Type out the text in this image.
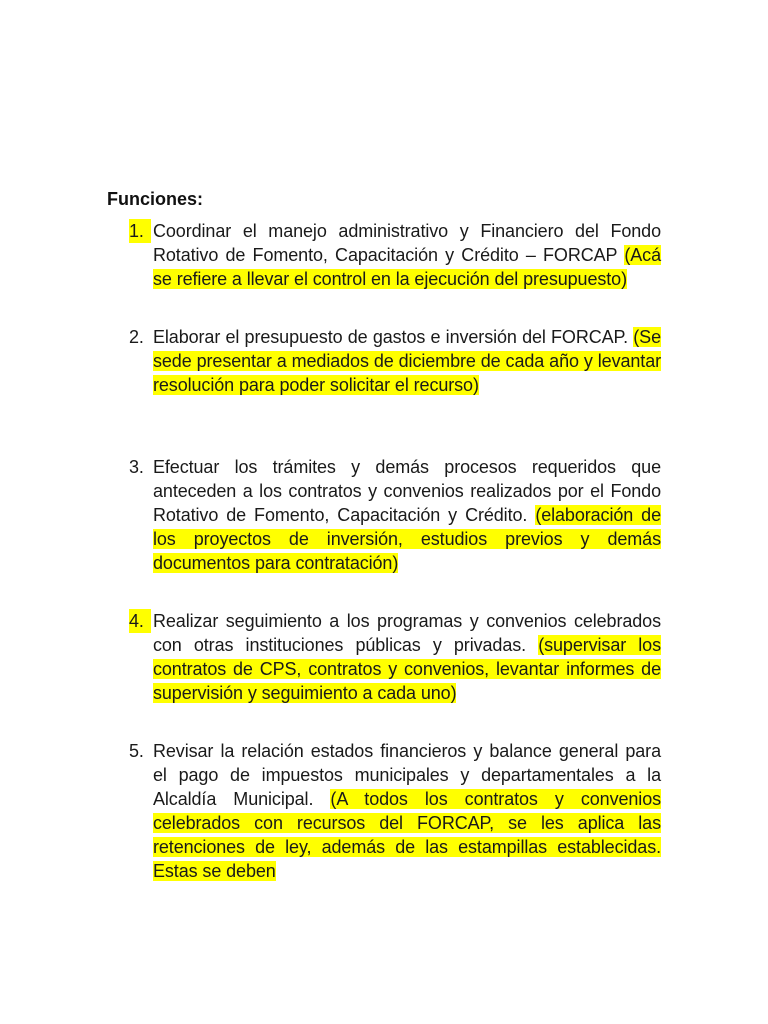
Funciones:
1. Coordinar el manejo administrativo y Financiero del Fondo Rotativo de Fomento, Capacitación y Crédito – FORCAP (Acá se refiere a llevar el control en la ejecución del presupuesto)
2. Elaborar el presupuesto de gastos e inversión del FORCAP. (Se sede presentar a mediados de diciembre de cada año y levantar resolución para poder solicitar el recurso)
3. Efectuar los trámites y demás procesos requeridos que anteceden a los contratos y convenios realizados por el Fondo Rotativo de Fomento, Capacitación y Crédito. (elaboración de los proyectos de inversión, estudios previos y demás documentos para contratación)
4. Realizar seguimiento a los programas y convenios celebrados con otras instituciones públicas y privadas. (supervisar los contratos de CPS, contratos y convenios, levantar informes de supervisión y seguimiento a cada uno)
5. Revisar la relación estados financieros y balance general para el pago de impuestos municipales y departamentales a la Alcaldía Municipal. (A todos los contratos y convenios celebrados con recursos del FORCAP, se les aplica las retenciones de ley, además de las estampillas establecidas. Estas se deben
